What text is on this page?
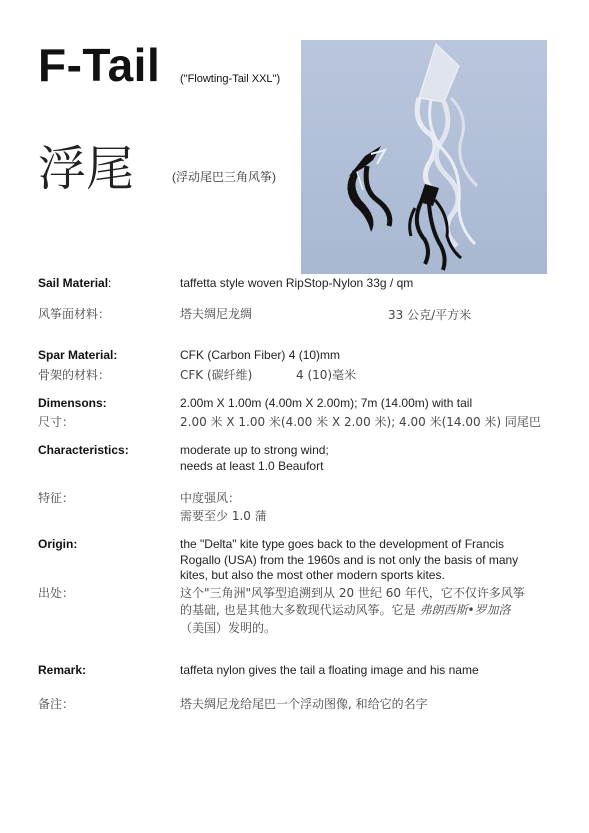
F-Tail ("Flowting-Tail XXL")
浮尾	(浮动尾巴三角风筝)
Sail Material:	taffetta style woven RipStop-Nylon 33g / qm
风筝面材料：	塔夫绸尼龙绸	33 公克/平方米
Spar Material:	CFK (Carbon Fiber) 4 (10)mm
骨架的材料：	CFK (碳纤维)	4 (10)毫米
Dimensons:	2.00m X 1.00m (4.00m X 2.00m); 7m (14.00m) with tail
尺寸：	2.00 米 X 1.00 米(4.00 米 X 2.00 米); 4.00 米(14.00 米) 同尾巴
Characteristics:	moderate up to strong wind;
needs at least 1.0 Beaufort
特征：	中度强风：
需要至少 1.0 蒲
Origin:	the "Delta" kite type goes back to the development of Francis
Rogallo (USA) from the 1960s and is not only the basis of many
kites, but also the most other modern sports kites.
出处：	这个"三角洲"风筝型追溯到从 20 世纪 60 年代，它不仅许多风筝
的基础, 也是其他大多数现代运动风筝。它是 弗朗西斯•罗加洛
（美国）发明的。
Remark:	taffeta nylon gives the tail a floating image and his name
备注：	塔夫绸尼龙给尾巴一个浮动图像, 和给它的名字
